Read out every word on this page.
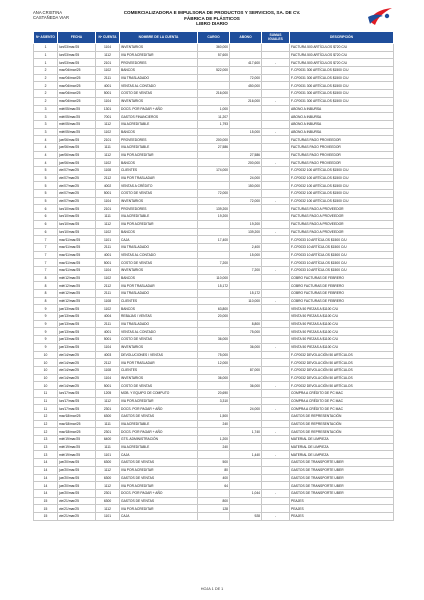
ANA CRISTINA
CASTAÑEDA VIAR
COMERCIALIZADORA E IMPULSORA DE PRODUCTOS Y SERVICIOS, SA. DE CV.
FÁBRICA DE PLÁSTICOS
LIBRO DIARIO
Nº ASIENTO	FECHA	Nº CUENTA	NOMBRE DE LA CUENTA	CARGO	ABONO	SUMAS IGUALES	DESCRIPCIÓN
1	lun/03/mar/25	1104	INVENTARIOS	360,000			FACTURA 500 ARTÍCULOS $720 C/U
1	lun/03/mar/25	1112	IVA POR ACREDITAR	57,600			FACTURA 500 ARTÍCULOS $720 C/U
1	lun/03/mar/25	2101	PROVEEDORES		417,600	-	FACTURA 500 ARTÍCULOS $720 C/U
2	mar/04/mar/25	1102	BANCOS	522,000			F-CF0031 300 ARTÍCULOS $1500 C/U
2	mar/04/mar/25	2111	IVA TRASLADADO		72,000		F-CF0031 300 ARTÍCULOS $1500 C/U
2	mar/04/mar/25	4001	VENTAS AL CONTADO		450,000		F-CF0031 300 ARTÍCULOS $1500 C/U
2	mar/04/mar/25	5001	COSTO DE VENTAS	216,000			F-CF0031 300 ARTÍCULOS $1500 C/U
2	mar/04/mar/25	1104	INVENTARIOS		216,000	-	F-CF0031 300 ARTÍCULOS $1500 C/U
3	mié/05/mar/25	1301	DOCS. POR PAGAR + AÑO	1,000			ABONO A INBURSA
3	mié/05/mar/25	7001	GASTOS FINANCIEROS	11,207			ABONO A INBURSA
3	mié/05/mar/25	1112	IVA ACREDITABLE	1,793			ABONO A INBURSA
3	mié/05/mar/25	1102	BANCOS		15,000	-	ABONO A INBURSA
4	jue/06/mar/25	2101	PROVEEDORES	200,000			FACTURAS PAGO PROVEEDOR
4	jue/06/mar/25	1111	IVA ACREDITABLE	27,586			FACTURAS PAGO PROVEEDOR
4	jue/06/mar/25	1112	IVA POR ACREDITAR		27,586		FACTURAS PAGO PROVEEDOR
4	jue/06/mar/25	1102	BANCOS		200,000	-	FACTURAS PAGO PROVEEDOR
5	vie/07/mar/25	1108	CLIENTES	174,000			F-CF0032 100 ARTÍCULOS $1500 C/U
5	vie/07/mar/25	2112	IVA POR TRASLADAR		24,000		F-CF0032 100 ARTÍCULOS $1500 C/U
5	vie/07/mar/25	4002	VENTAS A CRÉDITO		150,000		F-CF0032 100 ARTÍCULOS $1500 C/U
5	vie/07/mar/25	5001	COSTO DE VENTAS	72,000			F-CF0032 100 ARTÍCULOS $1500 C/U
5	vie/07/mar/25	1104	INVENTARIOS		72,000	-	F-CF0032 100 ARTÍCULOS $1500 C/U
6	lun/10/mar/25	2101	PROVEEDORES	139,200			FACTURAS PAGO A PROVEEDOR
6	lun/10/mar/25	1111	IVA ACREDITABLE	19,200			FACTURAS PAGO A PROVEEDOR
6	lun/10/mar/25	1112	IVA POR ACREDITAR		19,200		FACTURAS PAGO A PROVEEDOR
6	lun/10/mar/25	1102	BANCOS		139,200	-	FACTURAS PAGO A PROVEEDOR
7	mar/11/mar/25	1101	CAJA	17,400			F-CF0033 10 ARTÍCULOS $1500 C/U
7	mar/11/mar/25	2111	IVA TRASLADADO		2,400		F-CF0033 10 ARTÍCULOS $1500 C/U
7	mar/11/mar/25	4001	VENTAS AL CONTADO		15,000		F-CF0033 10 ARTÍCULOS $1500 C/U
7	mar/11/mar/25	5001	COSTO DE VENTAS	7,200			F-CF0033 10 ARTÍCULOS $1500 C/U
7	mar/11/mar/25	1104	INVENTARIOS		7,200	-	F-CF0033 10 ARTÍCULOS $1500 C/U
8	mié/12/mar/25	1102	BANCOS	110,000			COBRO FACTURAS DE FEBRERO
8	mié/12/mar/25	2112	IVA POR TRASLADAR	15,172			COBRO FACTURAS DE FEBRERO
8	mié/12/mar/25	2111	IVA TRASLADADO		15,172		COBRO FACTURAS DE FEBRERO
8	mié/12/mar/25	1108	CLIENTES		110,000	-	COBRO FACTURAS DE FEBRERO
9	jue/13/mar/25	1102	BANCOS	63,800			VENTA 50 PIEZAS A $1100 C/U
9	jue/13/mar/25	4004	REBAJAS / VENTAS	20,000			VENTA 50 PIEZAS A $1100 C/U
9	jue/13/mar/25	2111	IVA TRASLADADO		8,800		VENTA 50 PIEZAS A $1100 C/U
9	jue/13/mar/25	4001	VENTAS AL CONTADO		75,000		VENTA 50 PIEZAS A $1100 C/U
9	jue/13/mar/25	5001	COSTO DE VENTAS	36,000			VENTA 50 PIEZAS A $1100 C/U
9	jue/13/mar/25	1104	INVENTARIOS		36,000	-	VENTA 50 PIEZAS A $1100 C/U
10	vie/14/mar/25	4003	DEVOLUCIONES / VENTAS	75,000			F-CF0032 DEVOLUCIÓN 50 ARTÍCULOS
10	vie/14/mar/25	2112	IVA POR TRASLADAR	12,000			F-CF0032 DEVOLUCIÓN 50 ARTÍCULOS
10	vie/14/mar/25	1108	CLIENTES		87,000		F-CF0032 DEVOLUCIÓN 50 ARTÍCULOS
10	vie/14/mar/25	1104	INVENTARIOS	36,000			F-CF0032 DEVOLUCIÓN 50 ARTÍCULOS
10	vie/14/mar/25	5001	COSTO DE VENTAS		36,000	-	F-CF0032 DEVOLUCIÓN 50 ARTÍCULOS
11	lun/17/mar/25	1205	MOB. Y EQUIPO DE COMPUTO	20,690			COMPRA A CRÉDITO DE PC MAC
11	lun/17/mar/25	1112	IVA POR ACREDITAR	3,310			COMPRA A CRÉDITO DE PC MAC
11	lun/17/mar/25	2301	DOCS. POR PAGAR + AÑO		24,000	-	COMPRA A CRÉDITO DE PC MAC
12	mar/18/mar/25	6300	GASTOS DE VENTAS	1,500			GASTOS DE REPRESENTACIÓN
12	mar/18/mar/25	1111	IVA ACREDITABLE	240			GASTOS DE REPRESENTACIÓN
12	mar/18/mar/25	2301	DOCS. POR PAGAR + AÑO		1,740	-	GASTOS DE REPRESENTACIÓN
13	mié/19/mar/25	6400	GTS. ADMINISTRACIÓN	1,200			MATERIAL DE LIMPIEZA
13	mié/19/mar/25	1111	IVA ACREDITABLE	240			MATERIAL DE LIMPIEZA
13	mié/19/mar/25	1101	CAJA		1,440	-	MATERIAL DE LIMPIEZA
14	jue/20/mar/25	6300	GASTOS DE VENTAS	500			GASTOS DE TRANSPORTE UBER
14	jue/20/mar/25	1112	IVA POR ACREDITAR	80			GASTOS DE TRANSPORTE UBER
14	jue/20/mar/25	6300	GASTOS DE VENTAS	400			GASTOS DE TRANSPORTE UBER
14	jue/20/mar/25	1112	IVA POR ACREDITAR	64			GASTOS DE TRANSPORTE UBER
14	jue/20/mar/25	2301	DOCS. POR PAGAR + AÑO		1,044	-	GASTOS DE TRANSPORTE UBER
15	vie/21/mar/25	6300	GASTOS DE VENTAS	800			PEAJES
15	vie/21/mar/25	1112	IVA POR ACREDITAR	128			PEAJES
15	vie/21/mar/25	1101	CAJA		928	-	PEAJES
HOJA 1 DE 1
